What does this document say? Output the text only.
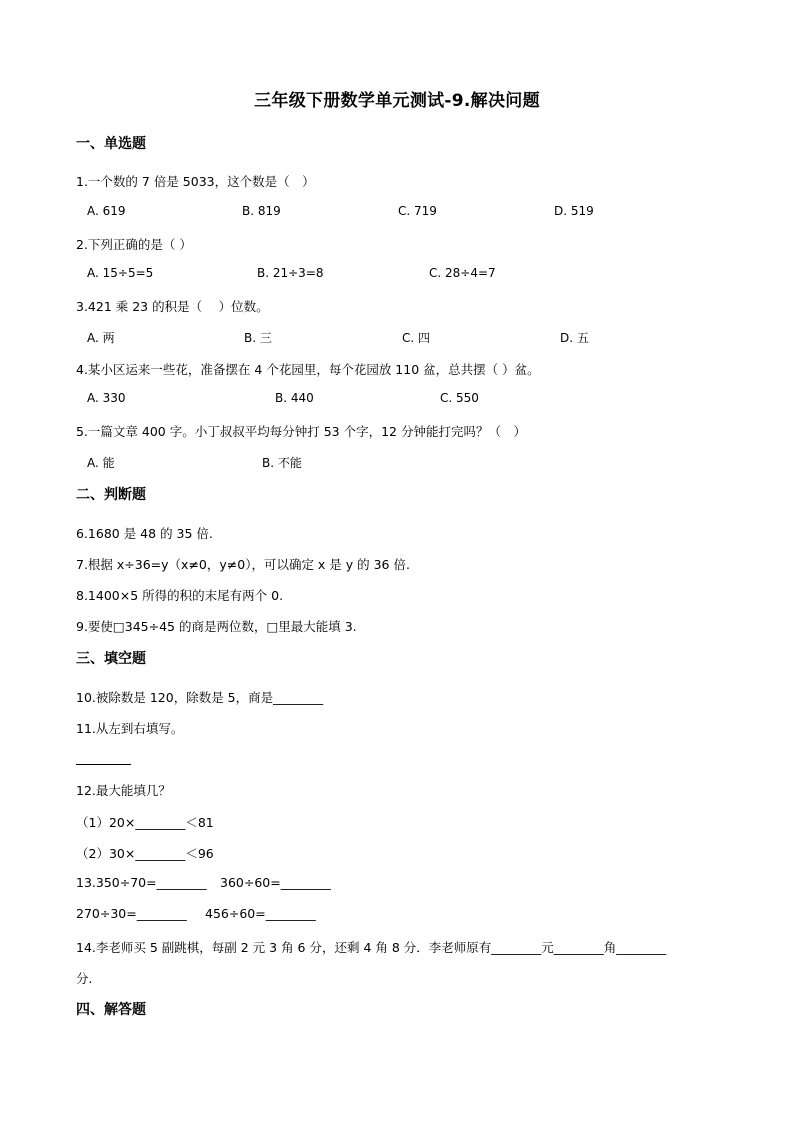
三年级下册数学单元测试-9.解决问题
一、单选题
1.一个数的 7 倍是 5033，这个数是（　）
A. 619	B. 819	C. 719	D. 519
2.下列正确的是（ ）
A. 15÷5=5	B. 21÷3=8	C. 28÷4=7
3.421 乘 23 的积是（　 ）位数。
A. 两	B. 三	C. 四	D. 五
4.某小区运来一些花，准备摆在 4 个花园里，每个花园放 110 盆，总共摆（ ）盆。
A. 330	B. 440	C. 550
5.一篇文章 400 字。小丁叔叔平均每分钟打 53 个字，12 分钟能打完吗？（　）
A. 能	B. 不能
二、判断题
6.1680 是 48 的 35 倍.
7.根据 x÷36=y（x≠0，y≠0），可以确定 x 是 y 的 36 倍.
8.1400×5 所得的积的末尾有两个 0.
9.要使□345÷45 的商是两位数，□里最大能填 3.
三、填空题
10.被除数是 120，除数是 5，商是________
11.从左到右填写。
12.最大能填几？
（1）20×________＜81
（2）30×________＜96
13.350÷70=________ 360÷60=________
270÷30=________ 456÷60=________
14.李老师买 5 副跳棋，每副 2 元 3 角 6 分，还剩 4 角 8 分．李老师原有________元________角________
分.
四、解答题
